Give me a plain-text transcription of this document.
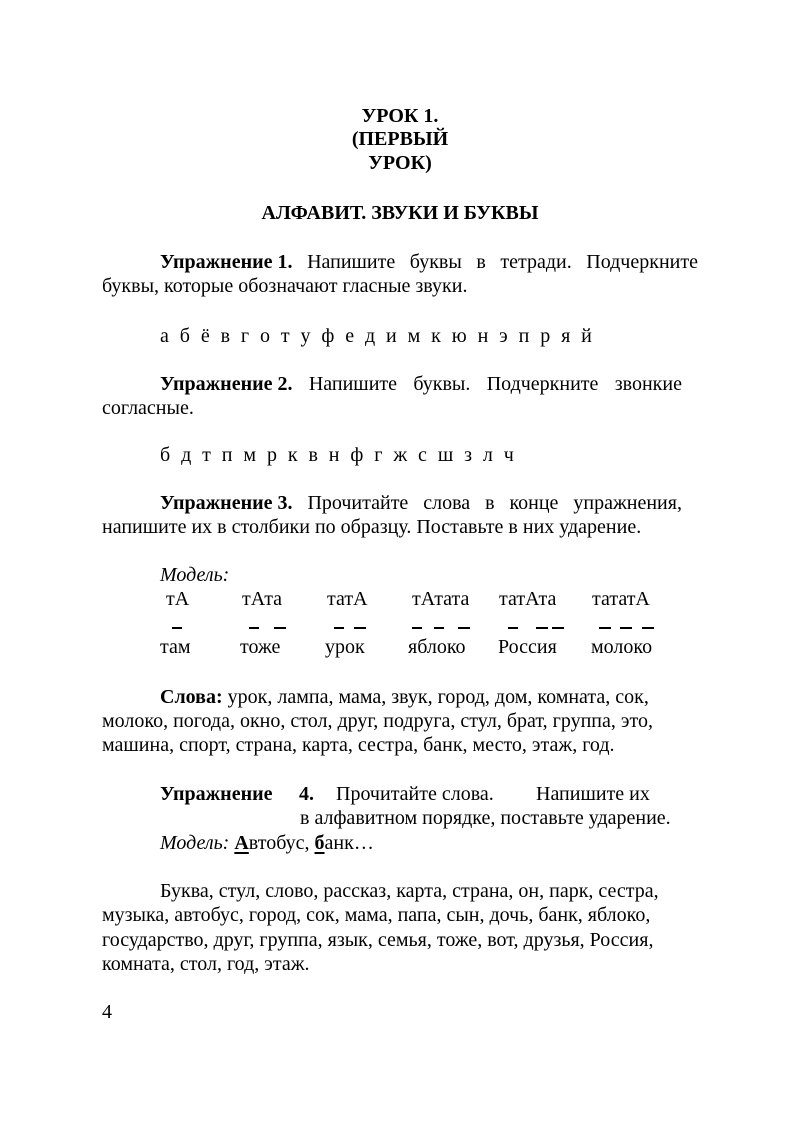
УРОК 1.
(ПЕРВЫЙ
УРОК)
АЛФАВИТ. ЗВУКИ И БУКВЫ
Упражнение 1. Напишите буквы в тетради. Подчеркните
буквы, которые обозначают гласные звуки.
а б ё в г о т у ф е д и м к ю н э п р я й
Упражнение 2. Напишите буквы. Подчеркните звонкие
согласные.
б д т п м р к в н ф г ж с ш з л ч
Упражнение 3. Прочитайте слова в конце упражнения,
напишите их в столбики по образцу. Поставьте в них ударение.
Модель:
тА	тАта татА тАтата татАта тататА
там тоже урок яблоко Россия молоко
Слова: урок, лампа, мама, звук, город, дом, комната, сок,
молоко, погода, окно, стол, друг, подруга, стул, брат, группа, это,
машина, спорт, страна, карта, сестра, банк, место, этаж, год.
Упражнение 4. Прочитайте слова. Напишите их
в алфавитном порядке, поставьте ударение.
Модель: Автобус, банк…
Буква, стул, слово, рассказ, карта, страна, он, парк, сестра,
музыка, автобус, город, сок, мама, папа, сын, дочь, банк, яблоко,
государство, друг, группа, язык, семья, тоже, вот, друзья, Россия,
комната, стол, год, этаж.
4
